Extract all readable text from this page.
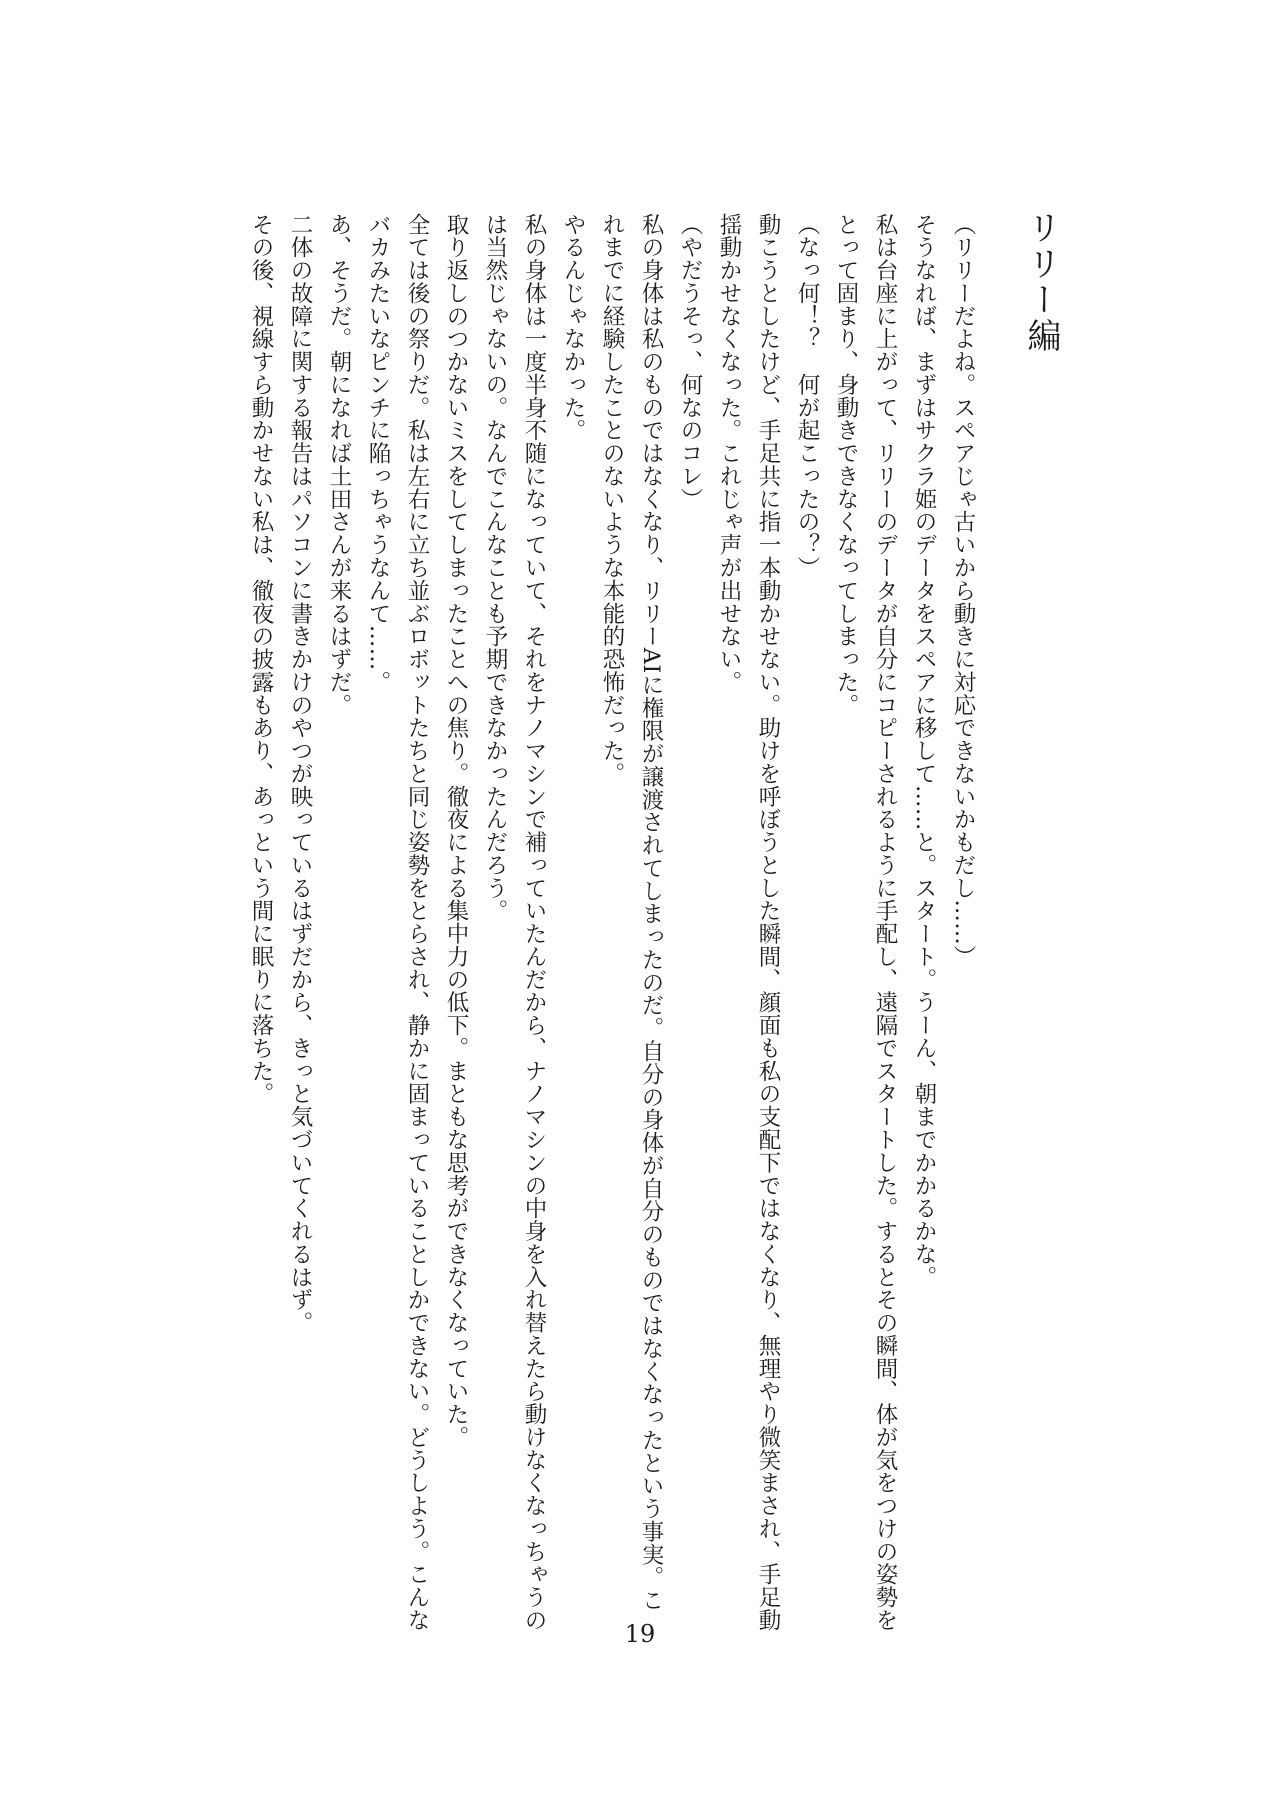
リリー編

（リリーだよね。スペアじゃ古いから動きに対応できないかもだし……）

そうなれば、まずはサクラ姫のデータをスペアに移して……と。スタート。うーん、朝までかかるかな。

私は台座に上がって、リリーのデータが自分にコピーされるように手配し、遠隔でスタートした。するとその瞬間、体が気をつけの姿勢を

とって固まり、身動きできなくなってしまった。

（なっ何！？　何が起こったの？）

動こうとしたけど、手足共に指一本動かせない。助けを呼ぼうとした瞬間、顔面も私の支配下ではなくなり、無理やり微笑まされ、手足動

揺動かせなくなった。これじゃ声が出せない。

（やだうそっ、何なのコレ）

私の身体は私のものではなくなり、リリーAIに権限が譲渡されてしまったのだ。自分の身体が自分のものではなくなったという事実。こ

れまでに経験したことのないような本能的恐怖だった。

やるんじゃなかった。

私の身体は一度半身不随になっていて、それをナノマシンで補っていたんだから、ナノマシンの中身を入れ替えたら動けなくなっちゃうの

は当然じゃないの。なんでこんなことも予期できなかったんだろう。

取り返しのつかないミスをしてしまったことへの焦り。徹夜による集中力の低下。まともな思考ができなくなっていた。

全ては後の祭りだ。私は左右に立ち並ぶロボットたちと同じ姿勢をとらされ、静かに固まっていることしかできない。どうしよう。こんな

バカみたいなピンチに陥っちゃうなんて……。

あ、そうだ。朝になれば土田さんが来るはずだ。

二体の故障に関する報告はパソコンに書きかけのやつが映っているはずだから、きっと気づいてくれるはず。

その後、視線すら動かせない私は、徹夜の披露もあり、あっという間に眠りに落ちた。

19
